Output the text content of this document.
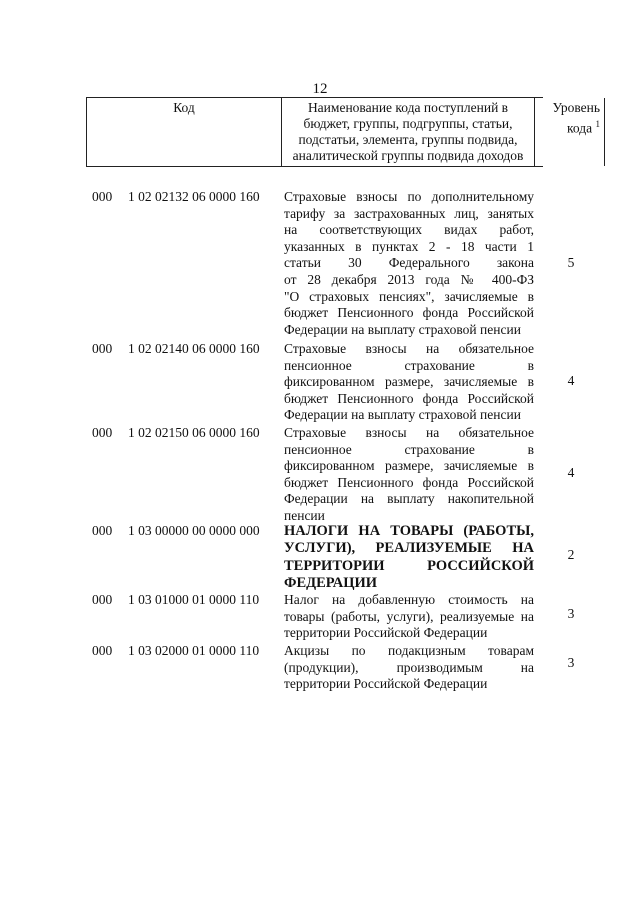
12
Код	Наименование кода поступлений в
бюджет, группы, подгруппы, статьи,
подстатьи, элемента, группы подвида,
аналитической группы подвида доходов
Уровень
кода $^1$
000 1 02 02132 06 0000 160 Страховые взносы по дополнительному
тарифу за застрахованных лиц, занятых
на соответствующих видах работ,
указанных в пунктах 2 - 18 части 1
статьи 30 Федерального закона
от 28 декабря 2013 года № 400-ФЗ
"О страховых пенсиях", зачисляемые в
бюджет Пенсионного фонда Российской
Федерации на выплату страховой пенсии
5
000 1 02 02140 06 0000 160 Страховые взносы на обязательное
пенсионное страхование в
фиксированном размере, зачисляемые в
бюджет Пенсионного фонда Российской
Федерации на выплату страховой пенсии
4
000 1 02 02150 06 0000 160 Страховые взносы на обязательное
пенсионное страхование в
фиксированном размере, зачисляемые в
бюджет Пенсионного фонда Российской
Федерации на выплату накопительной
пенсии
4
000 1 03 00000 00 0000 000 НАЛОГИ НА ТОВАРЫ (РАБОТЫ,
УСЛУГИ), РЕАЛИЗУЕМЫЕ НА
ТЕРРИТОРИИ РОССИЙСКОЙ
ФЕДЕРАЦИИ
2
000 1 03 01000 01 0000 110 Налог на добавленную стоимость на
товары (работы, услуги), реализуемые на
территории Российской Федерации
3
000 1 03 02000 01 0000 110 Акцизы по подакцизным товарам
(продукции), производимым на
территории Российской Федерации
3
